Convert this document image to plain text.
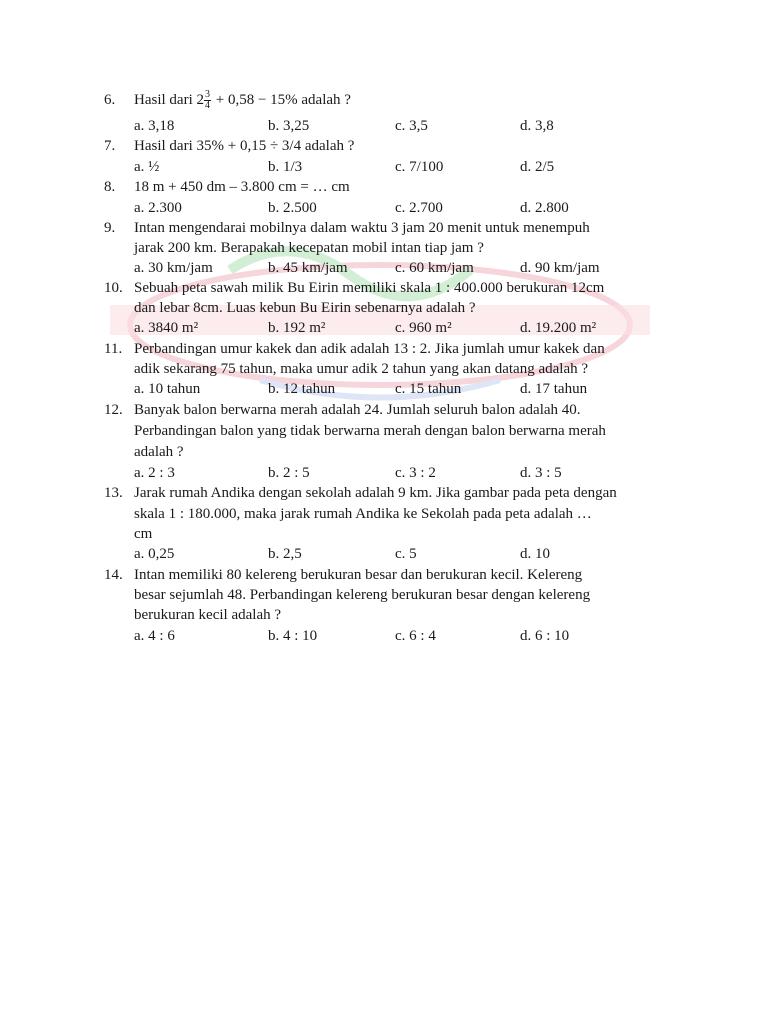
6. Hasil dari $2 \frac{3}{4} + 0,58 - 15\%$ adalah ?
a. 3,18	b. 3,25	c. 3,5	d. 3,8
7. Hasil dari 35% + 0,15 ÷ 3/4 adalah ?
a. ½	b. 1/3	c. 7/100	d. 2/5
8. 18 m + 450 dm – 3.800 cm = … cm
a. 2.300	b. 2.500	c. 2.700	d. 2.800
9. Intan mengendarai mobilnya dalam waktu 3 jam 20 menit untuk menempuh
jarak 200 km. Berapakah kecepatan mobil intan tiap jam ?
a. 30 km/jam	b. 45 km/jam	c. 60 km/jam	d. 90 km/jam
10. Sebuah peta sawah milik Bu Eirin memiliki skala 1 : 400.000 berukuran 12cm
dan lebar 8cm. Luas kebun Bu Eirin sebenarnya adalah ?
a. 3840 m²	b. 192 m²	c. 960 m²	d. 19.200 m²
11. Perbandingan umur kakek dan adik adalah 13 : 2. Jika jumlah umur kakek dan
adik sekarang 75 tahun, maka umur adik 2 tahun yang akan datang adalah ?
a. 10 tahun	b. 12 tahun	c. 15 tahun	d. 17 tahun
12. Banyak balon berwarna merah adalah 24. Jumlah seluruh balon adalah 40.
Perbandingan balon yang tidak berwarna merah dengan balon berwarna merah
adalah ?
a. 2 : 3	b. 2 : 5	c. 3 : 2	d. 3 : 5
13. Jarak rumah Andika dengan sekolah adalah 9 km. Jika gambar pada peta dengan
skala 1 : 180.000, maka jarak rumah Andika ke Sekolah pada peta adalah …
cm
a. 0,25	b. 2,5	c. 5	d. 10
14. Intan memiliki 80 kelereng berukuran besar dan berukuran kecil. Kelereng
besar sejumlah 48. Perbandingan kelereng berukuran besar dengan kelereng
berukuran kecil adalah ?
a. 4 : 6	b. 4 : 10	c. 6 : 4	d. 6 : 10
